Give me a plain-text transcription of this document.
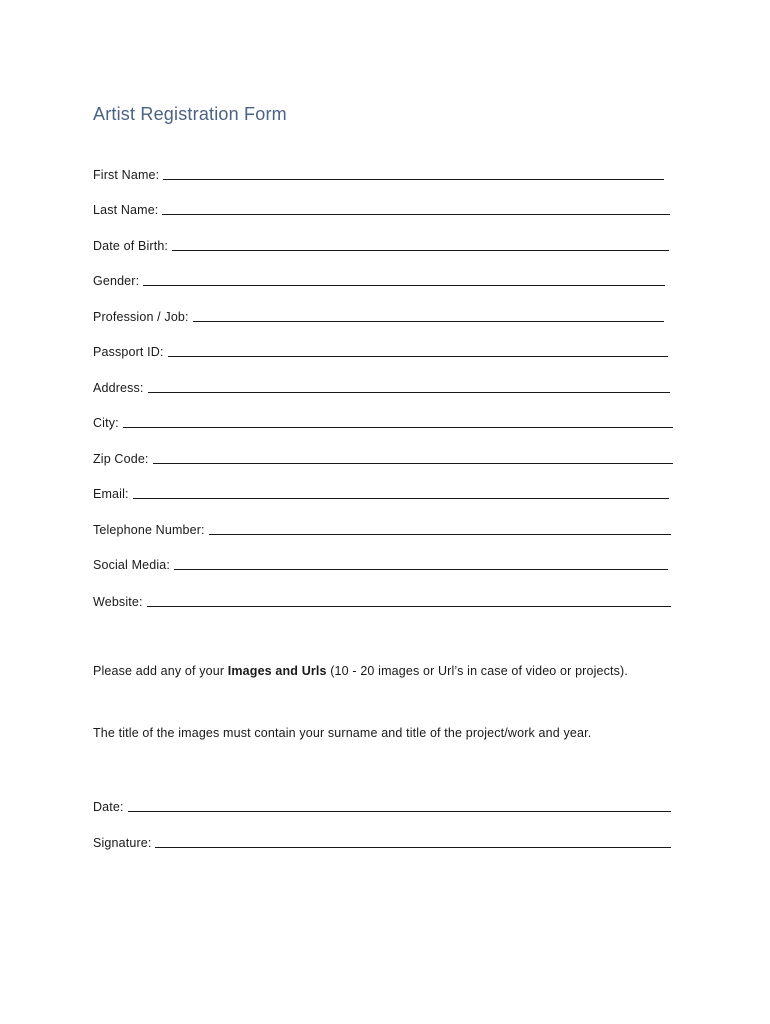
Artist Registration Form
First Name:
Last Name:
Date of Birth:
Gender:
Profession / Job:
Passport ID:
Address:
City:
Zip Code:
Email:
Telephone Number:
Social Media:
Website:
Please add any of your Images and Urls (10 - 20 images or Url’s in case of video or projects).
The title of the images must contain your surname and title of the project/work and year.
Date:
Signature:
